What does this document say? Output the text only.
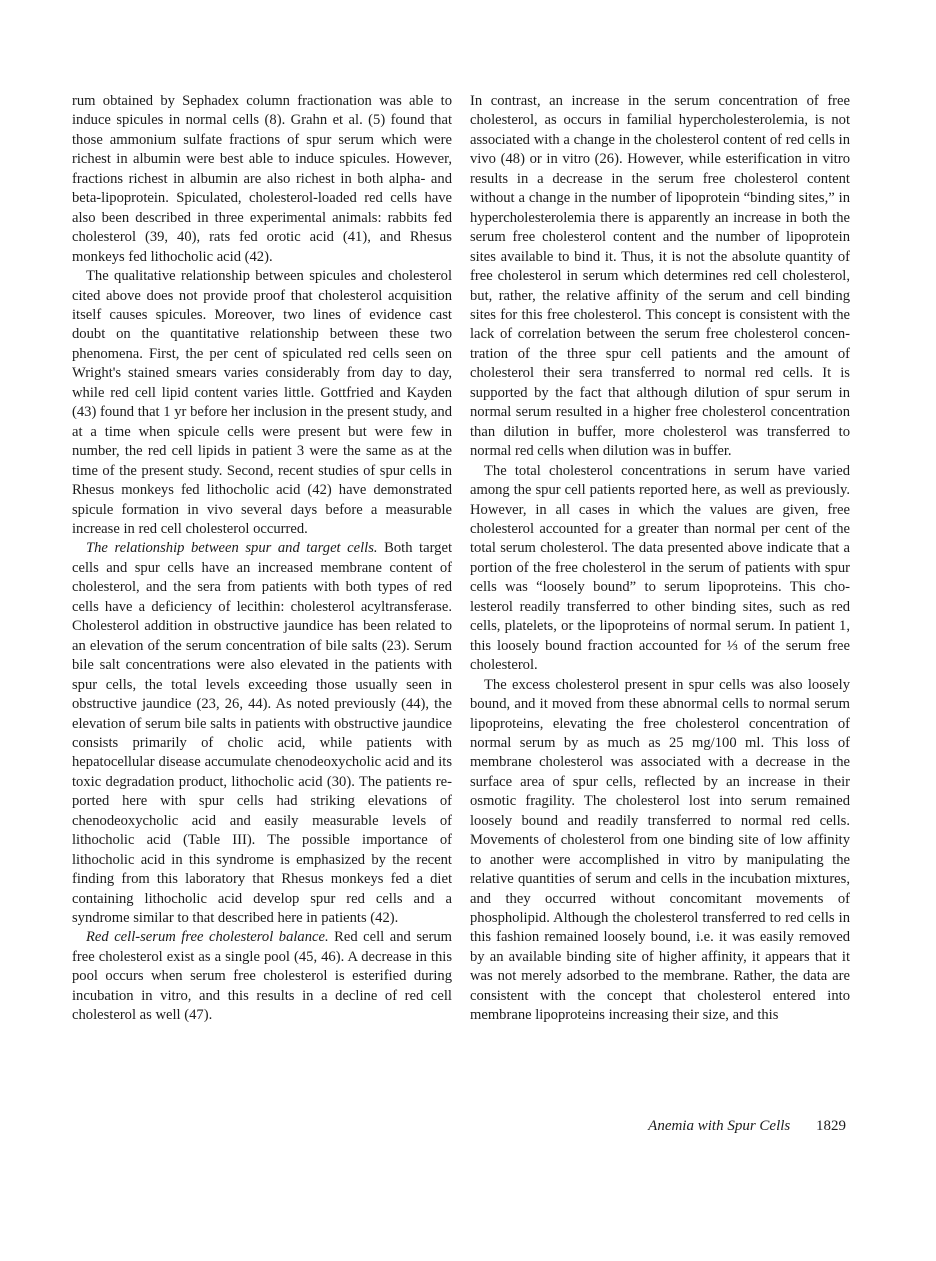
rum obtained by Sephadex column fractionation was able to induce spicules in normal cells (8). Grahn et al. (5) found that those ammonium sulfate fractions of spur serum which were richest in albumin were best able to induce spicules. However, fractions richest in albumin are also richest in both alpha- and beta-lipoprotein. Spiculated, cholesterol-loaded red cells have also been described in three experimental animals: rabbits fed cholesterol (39, 40), rats fed orotic acid (41), and Rhesus monkeys fed lithocholic acid (42).

The qualitative relationship between spicules and cholesterol cited above does not provide proof that cholesterol acquisition itself causes spicules. Moreover, two lines of evidence cast doubt on the quantitative relationship between these two phenomena. First, the per cent of spiculated red cells seen on Wright's stained smears varies considerably from day to day, while red cell lipid content varies little. Gottfried and Kayden (43) found that 1 yr before her inclusion in the present study, and at a time when spicule cells were present but were few in number, the red cell lipids in patient 3 were the same as at the time of the present study. Second, recent studies of spur cells in Rhesus monkeys fed lithocholic acid (42) have demonstrated spicule formation in vivo several days before a measurable increase in red cell cholesterol occurred.

The relationship between spur and target cells. Both target cells and spur cells have an increased membrane content of cholesterol, and the sera from patients with both types of red cells have a deficiency of lecithin: cholesterol acyltransferase. Cholesterol addition in obstructive jaundice has been related to an elevation of the serum concentration of bile salts (23). Serum bile salt concentrations were also elevated in the patients with spur cells, the total levels exceeding those usually seen in obstructive jaundice (23, 26, 44). As noted previously (44), the elevation of serum bile salts in patients with obstructive jaundice consists primarily of cholic acid, while patients with hepatocellular disease accumulate chenodeoxycholic acid and its toxic degradation product, lithocholic acid (30). The patients reported here with spur cells had striking elevations of chenodeoxycholic acid and easily measurable levels of lithocholic acid (Table III). The possible importance of lithocholic acid in this syndrome is emphasized by the recent finding from this laboratory that Rhesus monkeys fed a diet containing lithocholic acid develop spur red cells and a syndrome similar to that described here in patients (42).

Red cell-serum free cholesterol balance. Red cell and serum free cholesterol exist as a single pool (45, 46). A decrease in this pool occurs when serum free cholesterol is esterified during incubation in vitro, and this results in a decline of red cell cholesterol as well (47).

In contrast, an increase in the serum concentration of free cholesterol, as occurs in familial hypercholesterolemia, is not associated with a change in the cholesterol content of red cells in vivo (48) or in vitro (26). However, while esterification in vitro results in a decrease in the serum free cholesterol content without a change in the number of lipoprotein “binding sites,” in hypercholesterolemia there is apparently an increase in both the serum free cholesterol content and the number of lipoprotein sites available to bind it. Thus, it is not the absolute quantity of free cholesterol in serum which determines red cell cholesterol, but, rather, the relative affinity of the serum and cell binding sites for this free cholesterol. This concept is consistent with the lack of correlation between the serum free cholesterol concentration of the three spur cell patients and the amount of cholesterol their sera transferred to normal red cells. It is supported by the fact that although dilution of spur serum in normal serum resulted in a higher free cholesterol concentration than dilution in buffer, more cholesterol was transferred to normal red cells when dilution was in buffer.

The total cholesterol concentrations in serum have varied among the spur cell patients reported here, as well as previously. However, in all cases in which the values are given, free cholesterol accounted for a greater than normal per cent of the total serum cholesterol. The data presented above indicate that a portion of the free cholesterol in the serum of patients with spur cells was “loosely bound” to serum lipoproteins. This cholesterol readily transferred to other binding sites, such as red cells, platelets, or the lipoproteins of normal serum. In patient 1, this loosely bound fraction accounted for ⅓ of the serum free cholesterol.

The excess cholesterol present in spur cells was also loosely bound, and it moved from these abnormal cells to normal serum lipoproteins, elevating the free cholesterol concentration of normal serum by as much as 25 mg/100 ml. This loss of membrane cholesterol was associated with a decrease in the surface area of spur cells, reflected by an increase in their osmotic fragility. The cholesterol lost into serum remained loosely bound and readily transferred to normal red cells. Movements of cholesterol from one binding site of low affinity to another were accomplished in vitro by manipulating the relative quantities of serum and cells in the incubation mixtures, and they occurred without concomitant movements of phospholipid. Although the cholesterol transferred to red cells in this fashion remained loosely bound, i.e. it was easily removed by an available binding site of higher affinity, it appears that it was not merely adsorbed to the membrane. Rather, the data are consistent with the concept that cholesterol entered into membrane lipoproteins increasing their size, and this

Anemia with Spur Cells 1829
